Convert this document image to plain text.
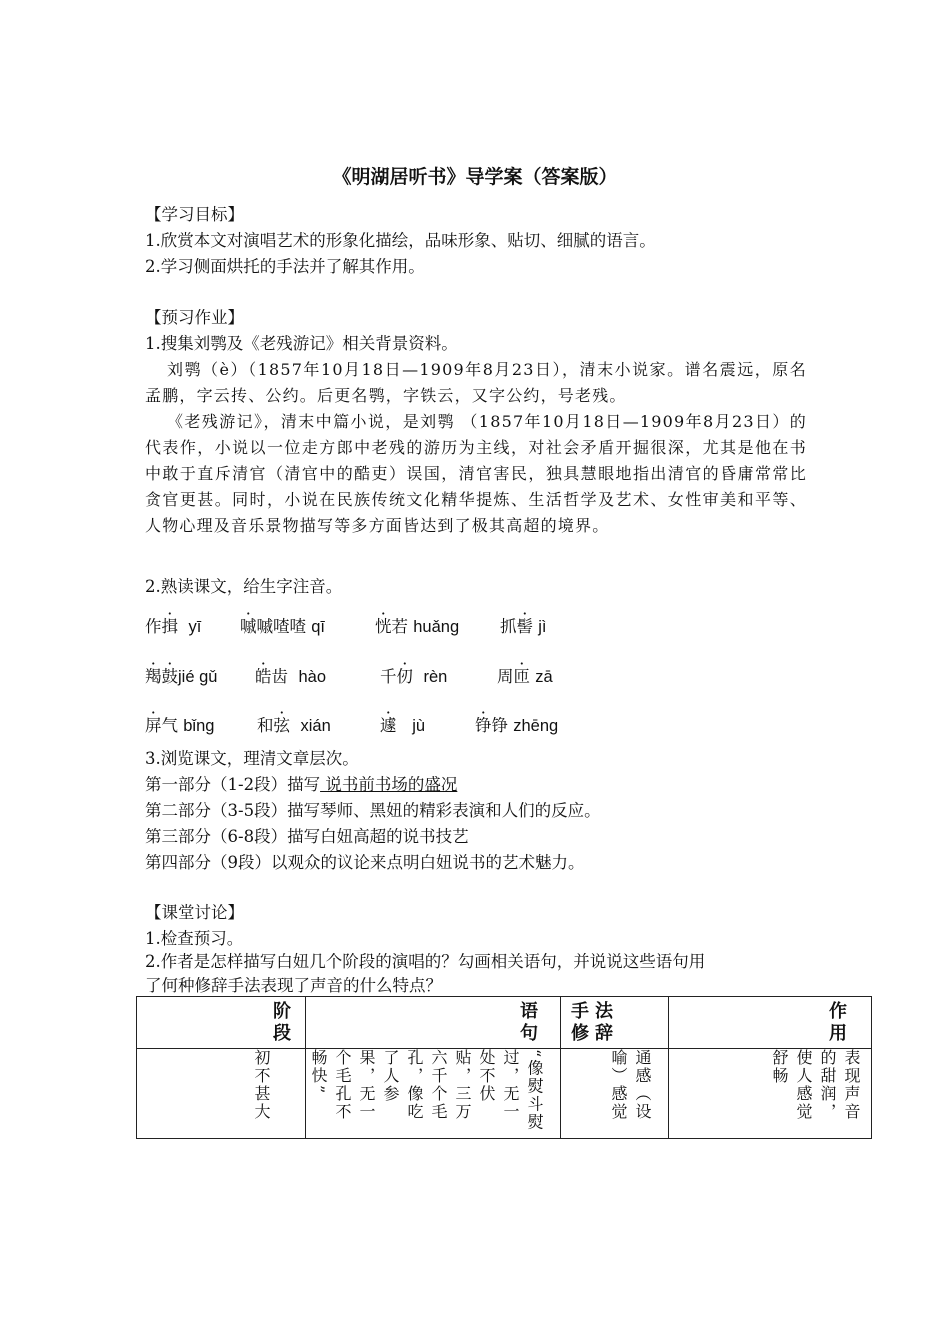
《明湖居听书》导学案（答案版）
【学习目标】
1.欣赏本文对演唱艺术的形象化描绘，品味形象、贴切、细腻的语言。
2.学习侧面烘托的手法并了解其作用。
【预习作业】
1.搜集刘鹗及《老残游记》相关背景资料。
刘鹗（è）（1857年10月18日—1909年8月23日），清末小说家。谱名震远，原名孟鹏，字云抟、公约。后更名鹗，字铁云，又字公约，号老残。
《老残游记》，清末中篇小说，是刘鹗 （1857年10月18日—1909年8月23日）的代表作，小说以一位走方郎中老残的游历为主线，对社会矛盾开掘很深，尤其是他在书中敢于直斥清官（清官中的酷吏）误国，清官害民，独具慧眼地指出清官的昏庸常常比贪官更甚。同时，小说在民族传统文化精华提炼、生活哲学及艺术、女性审美和平等、人物心理及音乐景物描写等多方面皆达到了极其高超的境界。
2.熟读课文，给生字注音。
作揖 yī 嘁嘁喳喳 qī	恍若 huǎng 抓髻 jì
羯鼓jié gǔ 皓齿 hào	千仞 rèn	周匝 zā
屏气 bǐng	和弦 xián	遽 jù	铮铮 zhēng
3.浏览课文，理清文章层次。
第一部分（1-2段）描写 说书前书场的盛况
第二部分（3-5段）描写琴师、黑妞的精彩表演和人们的反应。
第三部分（6-8段）描写白妞高超的说书技艺
第四部分（9段）以观众的议论来点明白妞说书的艺术魅力。
【课堂讨论】
1.检查预习。
2.作者是怎样描写白妞几个阶段的演唱的？勾画相关语句，并说说这些语句用
了何种修辞手法表现了声音的什么特点？
阶段	语句	手法 修辞	作用

初不甚大	“像熨斗熨过，无一处不伏贴，三万六千个毛孔，像吃了人参果，无一个毛孔不畅快”	通感（设喻）感觉	表现声音的甜润，使人感觉舒畅
